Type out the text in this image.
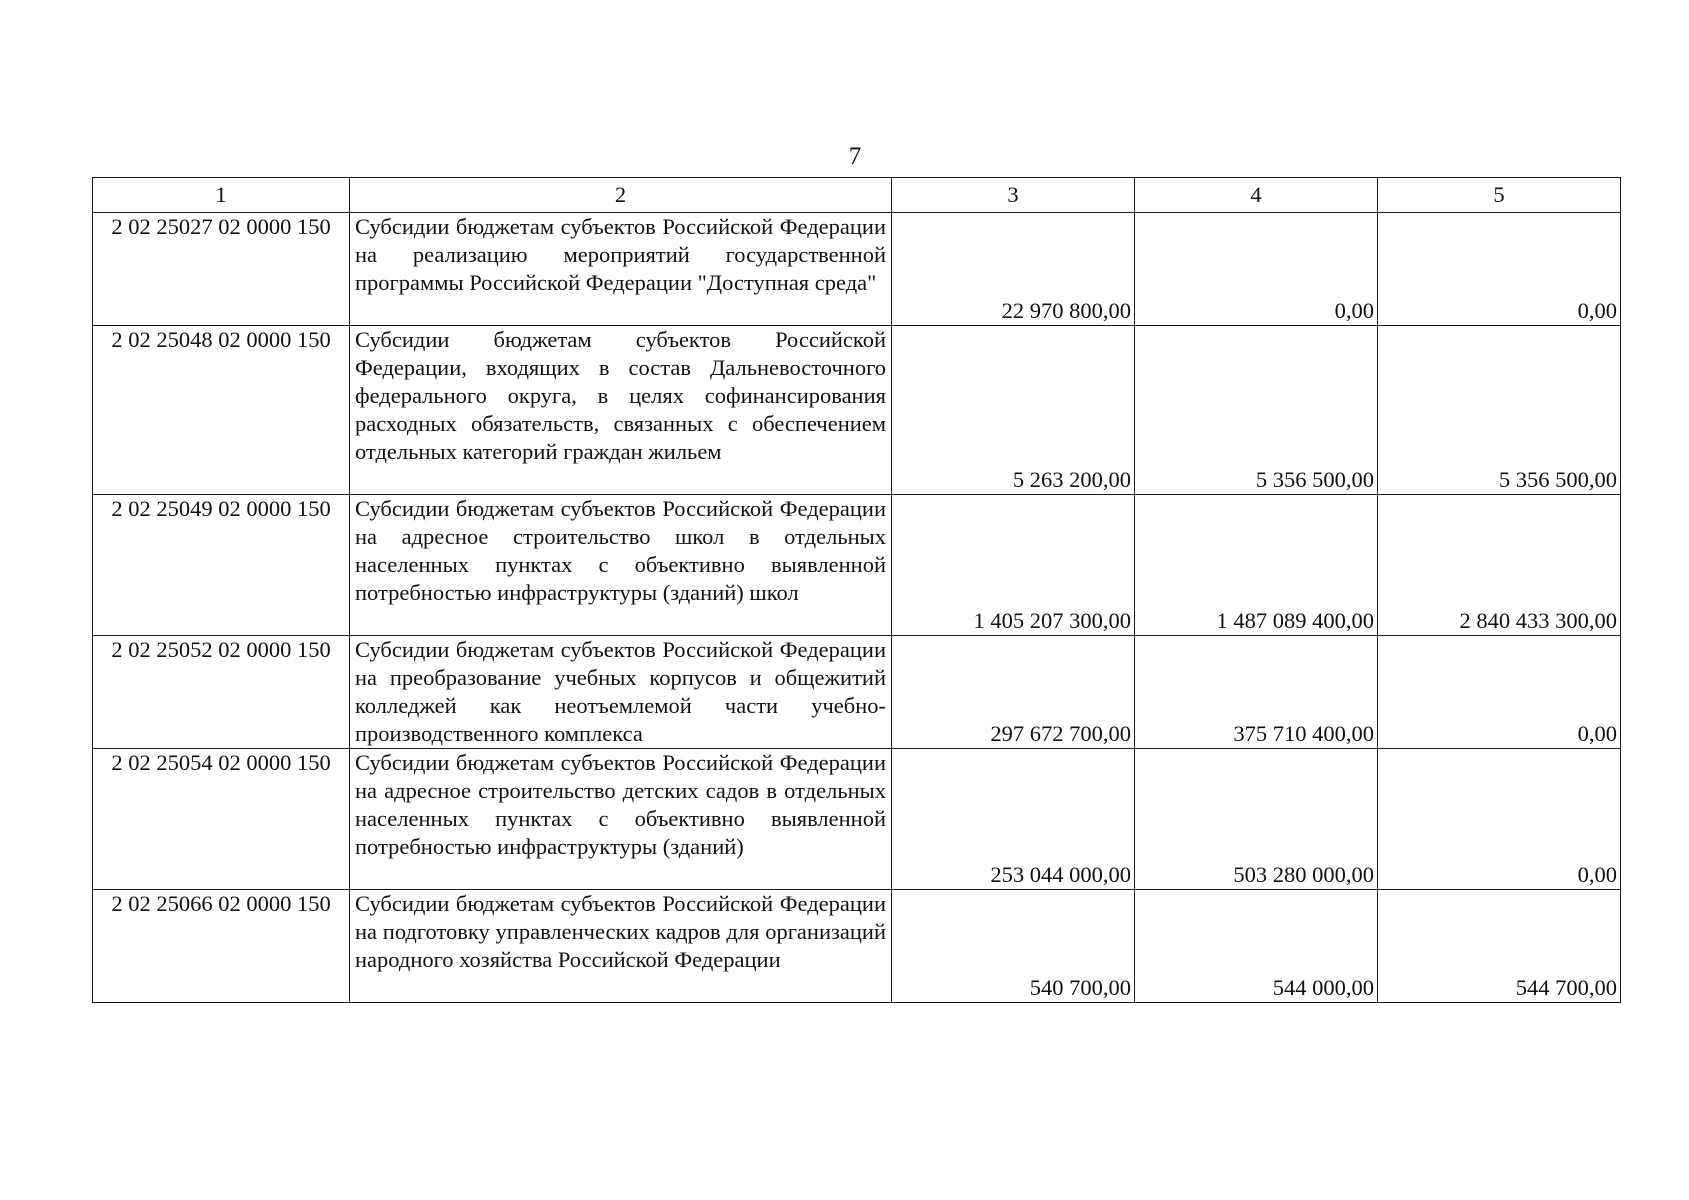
7
1	2	3	4	5
2 02 25027 02 0000 150	Субсидии бюджетам субъектов Российской Федерации на реализацию мероприятий государственной программы Российской Федерации "Доступная среда"	22 970 800,00	0,00	0,00
2 02 25048 02 0000 150	Субсидии бюджетам субъектов Российской Федерации, входящих в состав Дальневосточного федерального округа, в целях софинансирования расходных обязательств, связанных с обеспечением отдельных категорий граждан жильем	5 263 200,00	5 356 500,00	5 356 500,00
2 02 25049 02 0000 150	Субсидии бюджетам субъектов Российской Федерации на адресное строительство школ в отдельных населенных пунктах с объективно выявленной потребностью инфраструктуры (зданий) школ	1 405 207 300,00	1 487 089 400,00	2 840 433 300,00
2 02 25052 02 0000 150	Субсидии бюджетам субъектов Российской Федерации на преобразование учебных корпусов и общежитий колледжей как неотъемлемой части учебно-производственного комплекса	297 672 700,00	375 710 400,00	0,00
2 02 25054 02 0000 150	Субсидии бюджетам субъектов Российской Федерации на адресное строительство детских садов в отдельных населенных пунктах с объективно выявленной потребностью инфраструктуры (зданий)	253 044 000,00	503 280 000,00	0,00
2 02 25066 02 0000 150	Субсидии бюджетам субъектов Российской Федерации на подготовку управленческих кадров для организаций народного хозяйства Российской Федерации	540 700,00	544 000,00	544 700,00
